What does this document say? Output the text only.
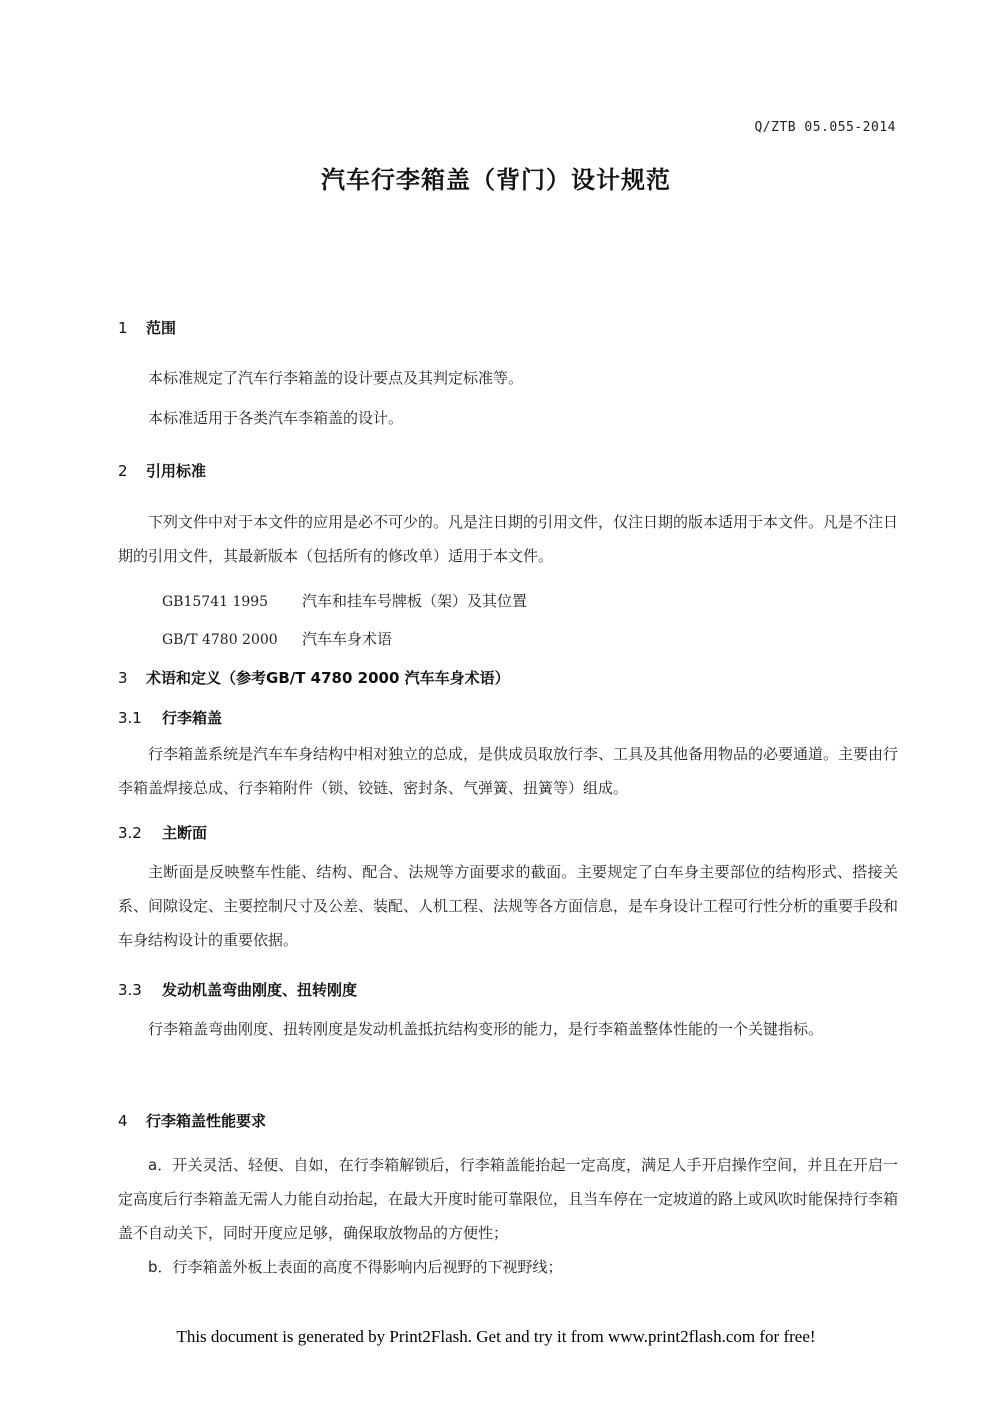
Q/ZTB 05.055-2014
汽车行李箱盖（背门）设计规范
1 范围
本标准规定了汽车行李箱盖的设计要点及其判定标准等。
本标准适用于各类汽车李箱盖的设计。
2 引用标准
下列文件中对于本文件的应用是必不可少的。凡是注日期的引用文件，仅注日期的版本适用于本文件。凡是不注日期的引用文件，其最新版本（包括所有的修改单）适用于本文件。
GB15741 1995 汽车和挂车号牌板（架）及其位置
GB/T 4780 2000 汽车车身术语
3 术语和定义（参考GB/T 4780 2000 汽车车身术语）
3.1 行李箱盖
行李箱盖系统是汽车车身结构中相对独立的总成，是供成员取放行李、工具及其他备用物品的必要通道。主要由行李箱盖焊接总成、行李箱附件（锁、铰链、密封条、气弹簧、扭簧等）组成。
3.2 主断面
主断面是反映整车性能、结构、配合、法规等方面要求的截面。主要规定了白车身主要部位的结构形式、搭接关系、间隙设定、主要控制尺寸及公差、装配、人机工程、法规等各方面信息，是车身设计工程可行性分析的重要手段和车身结构设计的重要依据。
3.3 发动机盖弯曲刚度、扭转刚度
行李箱盖弯曲刚度、扭转刚度是发动机盖抵抗结构变形的能力，是行李箱盖整体性能的一个关键指标。
4 行李箱盖性能要求
a．开关灵活、轻便、自如，在行李箱解锁后，行李箱盖能抬起一定高度，满足人手开启操作空间，并且在开启一定高度后行李箱盖无需人力能自动抬起，在最大开度时能可靠限位，且当车停在一定坡道的路上或风吹时能保持行李箱盖不自动关下，同时开度应足够，确保取放物品的方便性；
b．行李箱盖外板上表面的高度不得影响内后视野的下视野线；
This document is generated by Print2Flash. Get and try it from www.print2flash.com for free!
